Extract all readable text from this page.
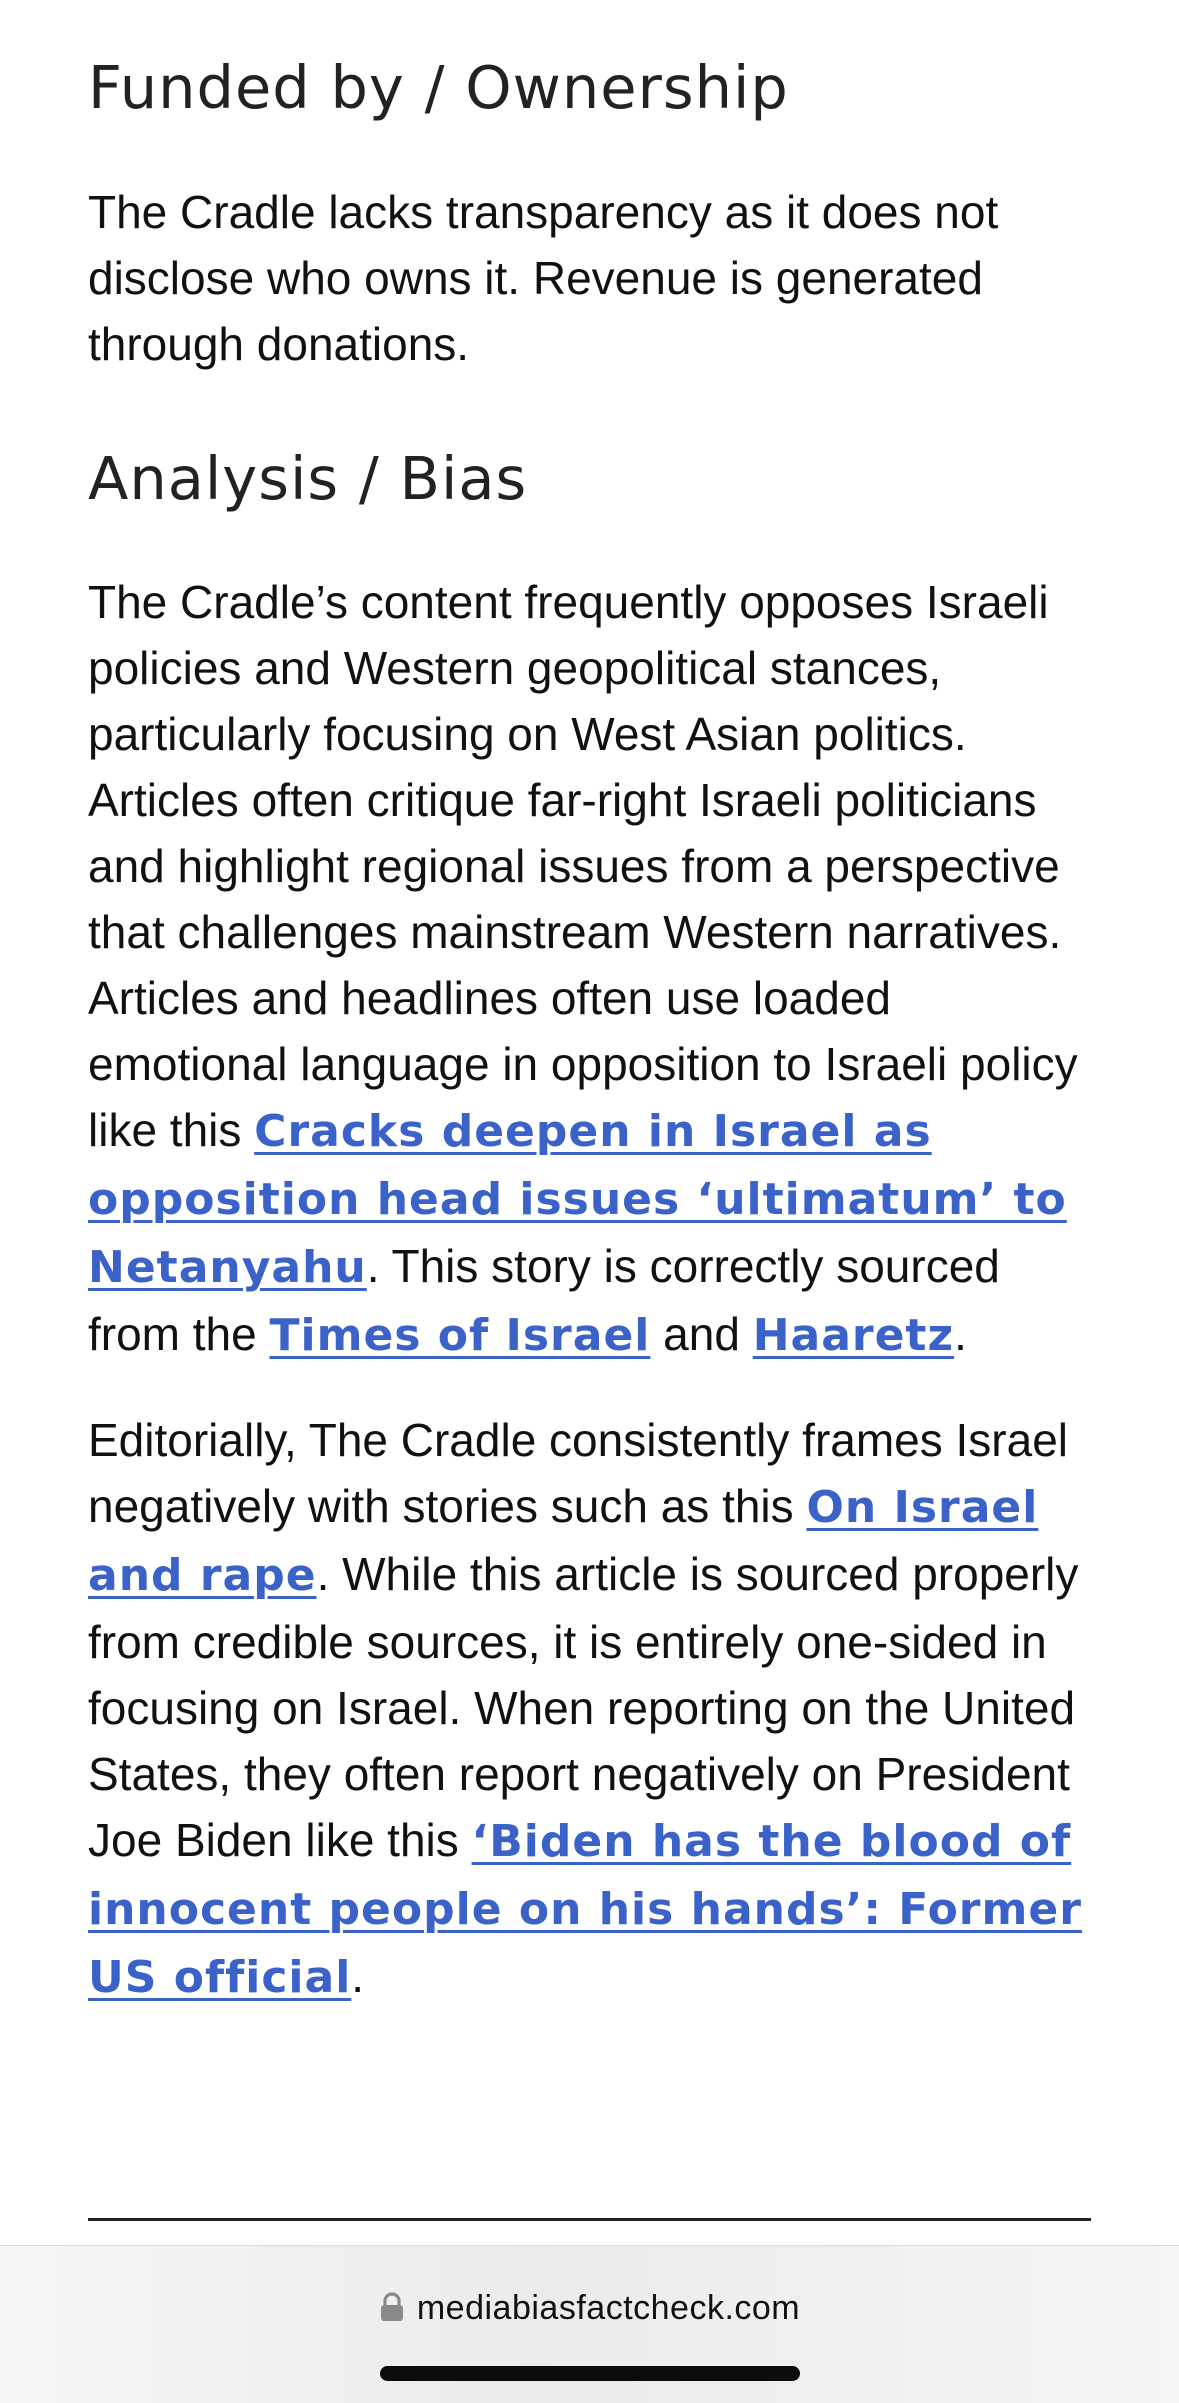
Funded by / Ownership

The Cradle lacks transparency as it does not disclose who owns it. Revenue is generated through donations.

Analysis / Bias

The Cradle’s content frequently opposes Israeli policies and Western geopolitical stances, particularly focusing on West Asian politics. Articles often critique far-right Israeli politicians and highlight regional issues from a perspective that challenges mainstream Western narratives. Articles and headlines often use loaded emotional language in opposition to Israeli policy like this Cracks deepen in Israel as opposition head issues ‘ultimatum’ to Netanyahu. This story is correctly sourced from the Times of Israel and Haaretz.

Editorially, The Cradle consistently frames Israel negatively with stories such as this On Israel and rape. While this article is sourced properly from credible sources, it is entirely one-sided in focusing on Israel. When reporting on the United States, they often report negatively on President Joe Biden like this ‘Biden has the blood of innocent people on his hands’: Former US official.

mediabiasfactcheck.com
